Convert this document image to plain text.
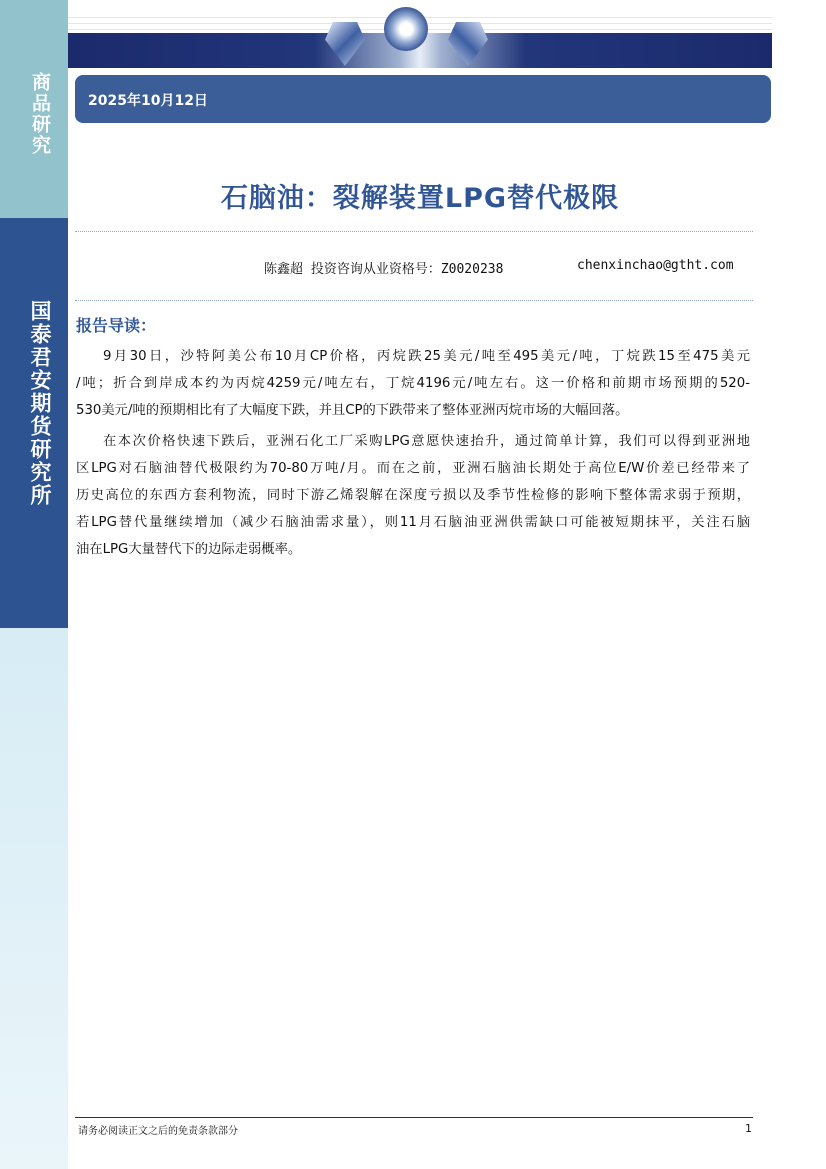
商品研究
国泰君安期货研究所
2025年10月12日
石脑油：裂解装置LPG替代极限
陈鑫超 投资咨询从业资格号：Z0020238	chenxinchao@gtht.com
报告导读：
9月30日，沙特阿美公布10月CP价格，丙烷跌25美元/吨至495美元/吨，丁烷跌15至475美元
/吨；折合到岸成本约为丙烷4259元/吨左右，丁烷4196元/吨左右。这一价格和前期市场预期的520-
530美元/吨的预期相比有了大幅度下跌，并且CP的下跌带来了整体亚洲丙烷市场的大幅回落。
在本次价格快速下跌后，亚洲石化工厂采购LPG意愿快速抬升，通过简单计算，我们可以得到亚洲地
区LPG对石脑油替代极限约为70-80万吨/月。而在之前，亚洲石脑油长期处于高位E/W价差已经带来了
历史高位的东西方套利物流，同时下游乙烯裂解在深度亏损以及季节性检修的影响下整体需求弱于预期，
若LPG替代量继续增加（减少石脑油需求量），则11月石脑油亚洲供需缺口可能被短期抹平，关注石脑
油在LPG大量替代下的边际走弱概率。
请务必阅读正文之后的免责条款部分	1
